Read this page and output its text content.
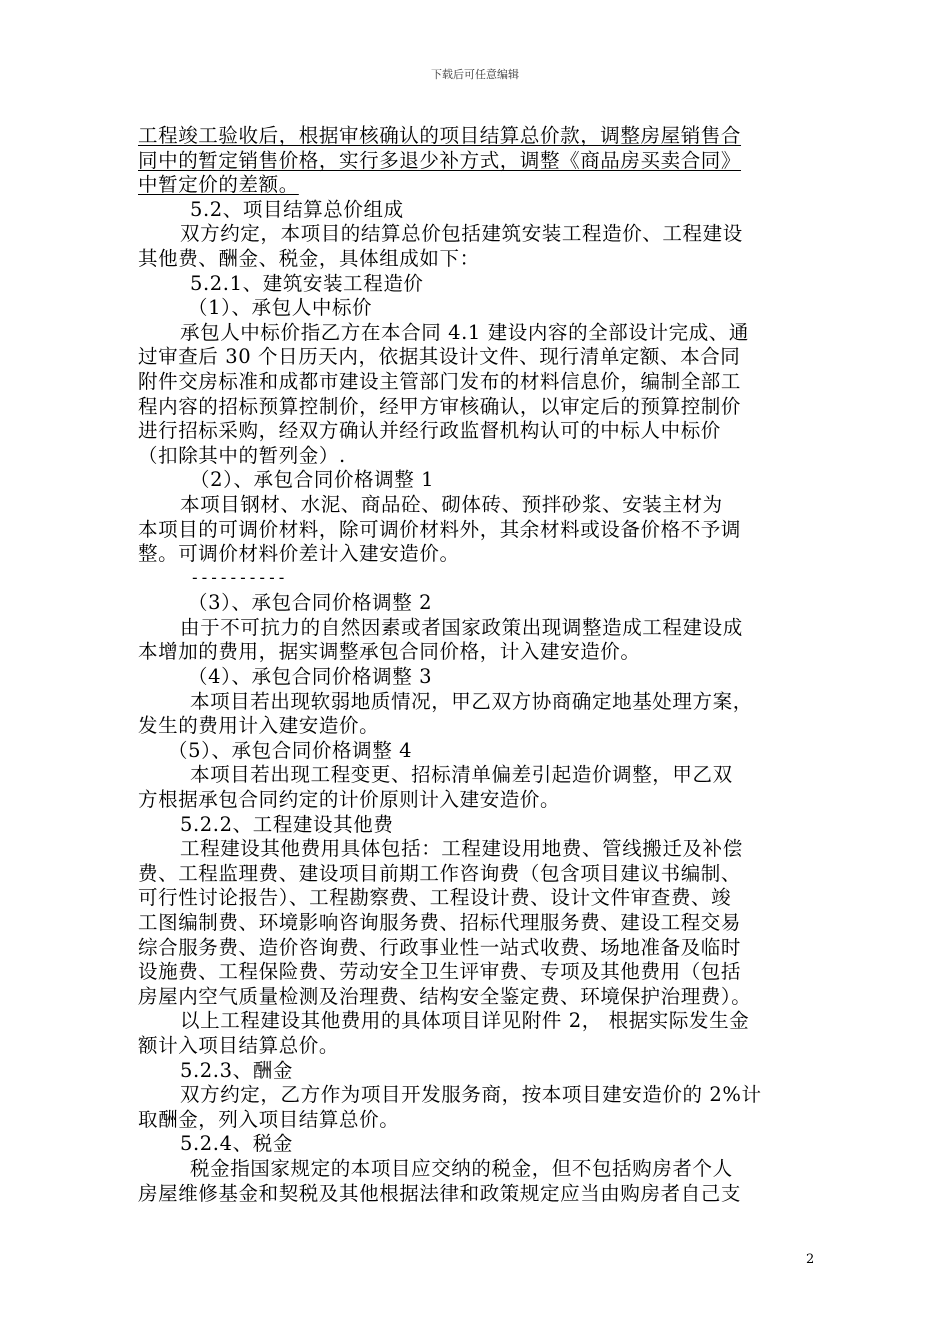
下载后可任意编辑

工程竣工验收后，根据审核确认的项目结算总价款，调整房屋销售合

同中的暂定销售价格，实行多退少补方式，调整《商品房买卖合同》

中暂定价的差额。

5.2、项目结算总价组成

双方约定，本项目的结算总价包括建筑安装工程造价、工程建设

其他费、酬金、税金，具体组成如下：

5.2.1、建筑安装工程造价

（1）、承包人中标价

承包人中标价指乙方在本合同 4.1 建设内容的全部设计完成、通

过审查后 30 个日历天内，依据其设计文件、现行清单定额、本合同

附件交房标准和成都市建设主管部门发布的材料信息价，编制全部工

程内容的招标预算控制价，经甲方审核确认，以审定后的预算控制价

进行招标采购，经双方确认并经行政监督机构认可的中标人中标价

（扣除其中的暂列金）.

（2）、承包合同价格调整 1

本项目钢材、水泥、商品砼、砌体砖、预拌砂浆、安装主材为

本项目的可调价材料，除可调价材料外，其余材料或设备价格不予调

整。可调价材料价差计入建安造价。

----------

（3）、承包合同价格调整 2

由于不可抗力的自然因素或者国家政策出现调整造成工程建设成

本增加的费用，据实调整承包合同价格，计入建安造价。

（4）、承包合同价格调整 3

本项目若出现软弱地质情况，甲乙双方协商确定地基处理方案，

发生的费用计入建安造价。

（5）、承包合同价格调整 4

本项目若出现工程变更、招标清单偏差引起造价调整，甲乙双

方根据承包合同约定的计价原则计入建安造价。

5.2.2、工程建设其他费

工程建设其他费用具体包括：工程建设用地费、管线搬迁及补偿

费、工程监理费、建设项目前期工作咨询费（包含项目建议书编制、

可行性讨论报告）、工程勘察费、工程设计费、设计文件审查费、竣

工图编制费、环境影响咨询服务费、招标代理服务费、建设工程交易

综合服务费、造价咨询费、行政事业性一站式收费、场地准备及临时

设施费、工程保险费、劳动安全卫生评审费、专项及其他费用（包括

房屋内空气质量检测及治理费、结构安全鉴定费、环境保护治理费）。

以上工程建设其他费用的具体项目详见附件 2， 根据实际发生金

额计入项目结算总价。

5.2.3、酬金

双方约定，乙方作为项目开发服务商，按本项目建安造价的 2%计

取酬金，列入项目结算总价。

5.2.4、税金

税金指国家规定的本项目应交纳的税金，但不包括购房者个人

房屋维修基金和契税及其他根据法律和政策规定应当由购房者自己支

2
